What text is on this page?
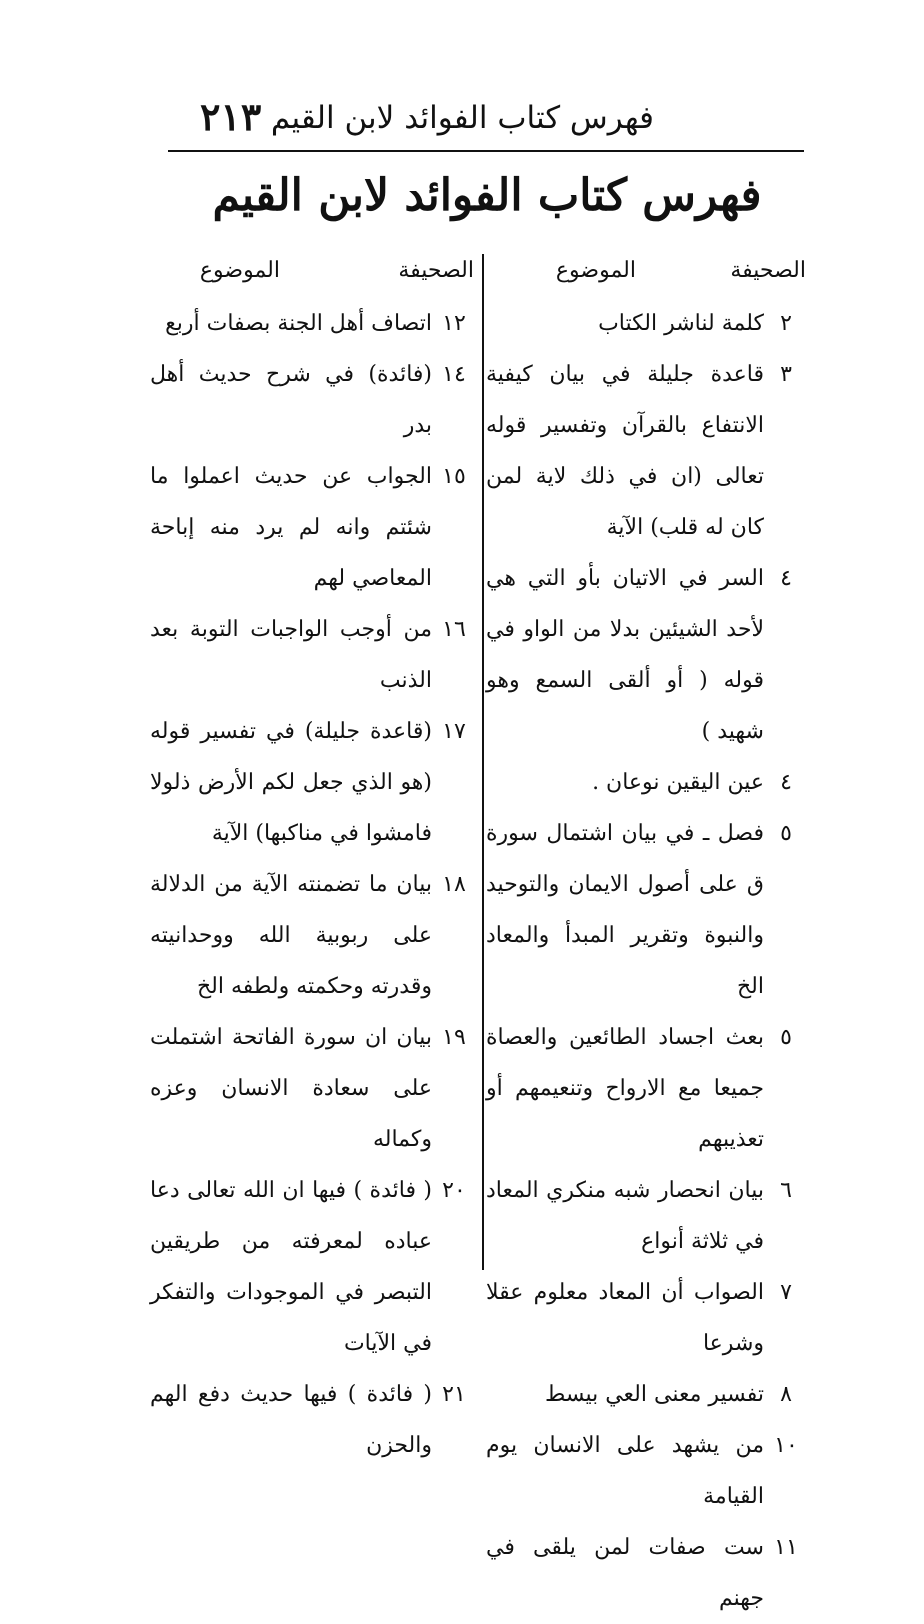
فهرس كتاب الفوائد لابن القيم
٢١٣
فهرس كتاب الفوائد لابن القيم
الصحيفة
الموضوع
٢
كلمة لناشر الكتاب
٣
قاعدة جليلة في بيان كيفية الانتفاع بالقرآن وتفسير قوله تعالى (ان في ذلك لاية لمن كان له قلب) الآية
٤
السر في الاتيان بأو التي هي لأحد الشيئين بدلا من الواو في قوله ( أو ألقى السمع وهو شهيد )
٤
عين اليقين نوعان .
٥
فصل ـ في بيان اشتمال سورة ق على أصول الايمان والتوحيد والنبوة وتقرير المبدأ والمعاد الخ
٥
بعث اجساد الطائعين والعصاة جميعا مع الارواح وتنعيمهم أو تعذيبهم
٦
بيان انحصار شبه منكري المعاد في ثلاثة أنواع
٧
الصواب أن المعاد معلوم عقلا وشرعا
٨
تفسير معنى العي بيسط
١٠
من يشهد على الانسان يوم القيامة
١١
ست صفات لمن يلقى في جهنم
الصحيفة
الموضوع
١٢
اتصاف أهل الجنة بصفات أربع
١٤
(فائدة) في شرح حديث أهل بدر
١٥
الجواب عن حديث اعملوا ما شئتم وانه لم يرد منه إباحة المعاصي لهم
١٦
من أوجب الواجبات التوبة بعد الذنب
١٧
(قاعدة جليلة) في تفسير قوله (هو الذي جعل لكم الأرض ذلولا فامشوا في مناكبها) الآية
١٨
بيان ما تضمنته الآية من الدلالة على ربوبية الله ووحدانيته وقدرته وحكمته ولطفه الخ
١٩
بيان ان سورة الفاتحة اشتملت على سعادة الانسان وعزه وكماله
٢٠
( فائدة ) فيها ان الله تعالى دعا عباده لمعرفته من طريقين التبصر في الموجودات والتفكر في الآيات
٢١
( فائدة ) فيها حديث دفع الهم والحزن
